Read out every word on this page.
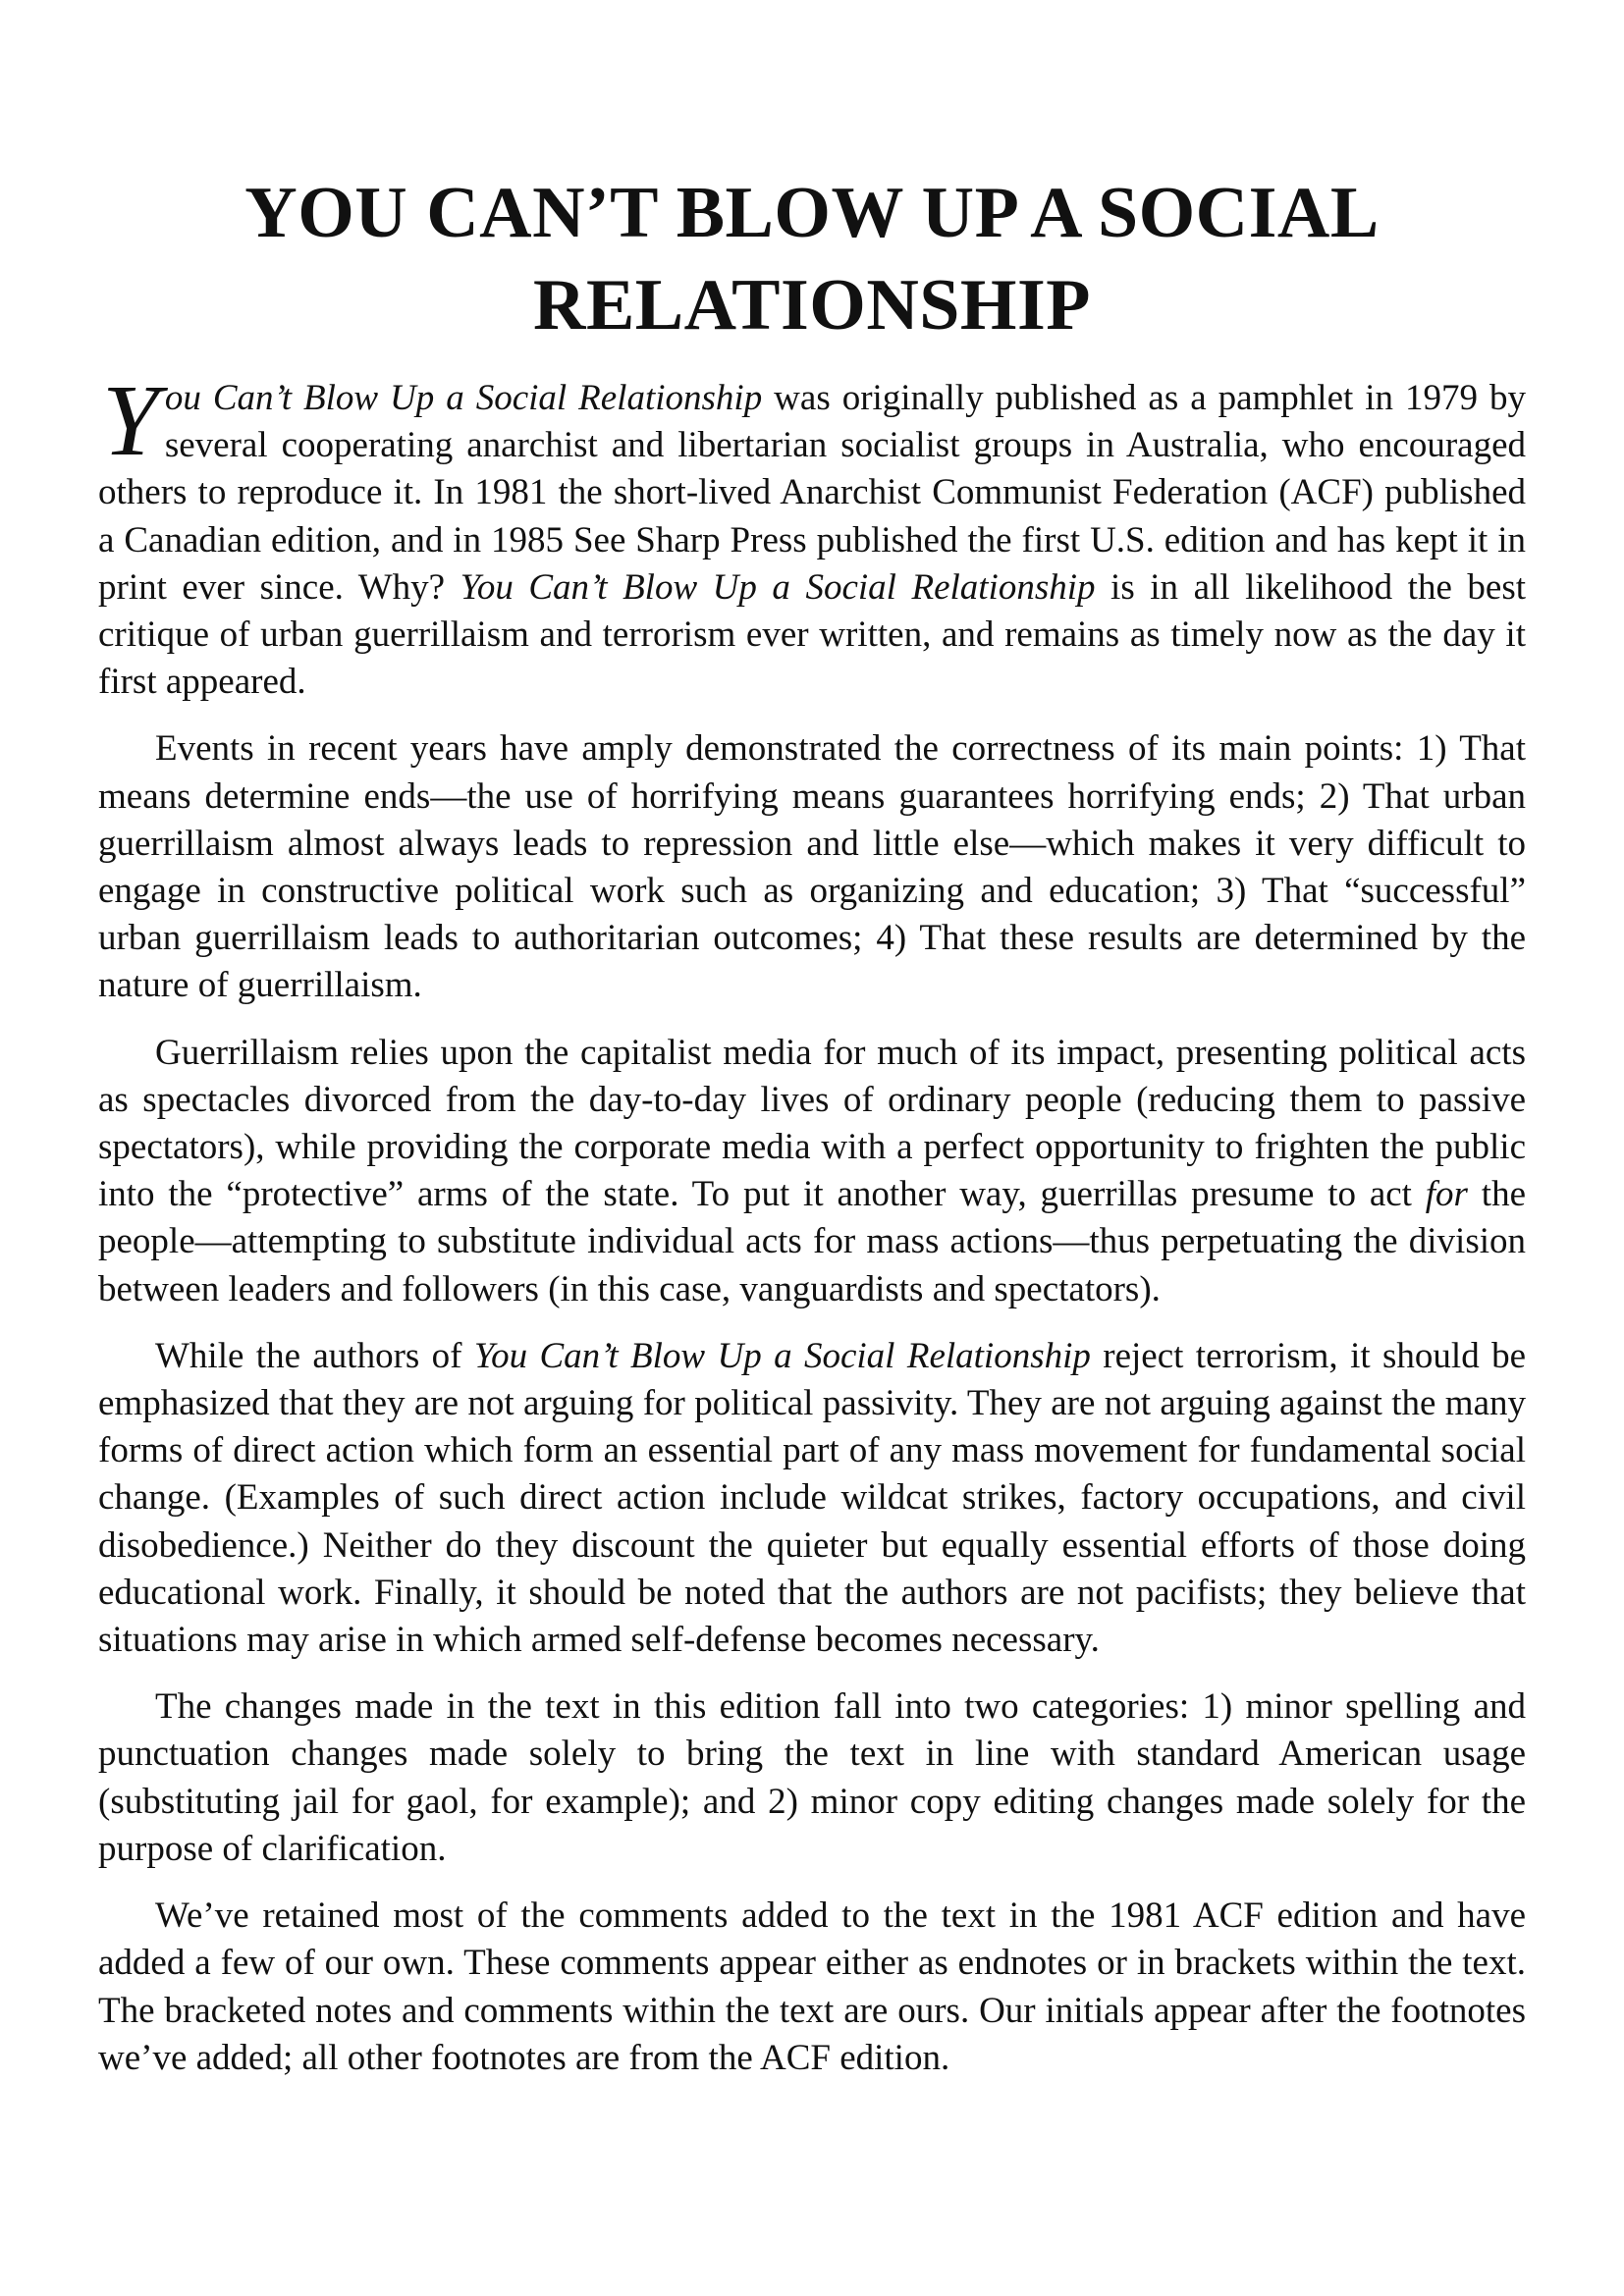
YOU CAN’T BLOW UP A SOCIAL
RELATIONSHIP

You Can’t Blow Up a Social Relationship was originally published as a pamphlet in 1979 by several cooperating anarchist and libertarian socialist groups in Australia, who encouraged others to reproduce it. In 1981 the short-lived Anarchist Communist Federation (ACF) published a Canadian edition, and in 1985 See Sharp Press published the first U.S. edition and has kept it in print ever since. Why? You Can’t Blow Up a Social Relationship is in all likelihood the best critique of urban guerrillaism and terrorism ever written, and remains as timely now as the day it first appeared.

Events in recent years have amply demonstrated the correctness of its main points: 1) That means determine ends—the use of horrifying means guarantees horrifying ends; 2) That urban guerrillaism almost always leads to repression and little else—which makes it very difficult to engage in constructive political work such as organizing and education; 3) That “successful” urban guerrillaism leads to authoritarian outcomes; 4) That these results are determined by the nature of guerrillaism.

Guerrillaism relies upon the capitalist media for much of its impact, presenting political acts as spectacles divorced from the day-to-day lives of ordinary people (reducing them to passive spectators), while providing the corporate media with a perfect opportunity to frighten the public into the “protective” arms of the state. To put it another way, guerrillas presume to act for the people—attempting to substitute individual acts for mass actions—thus perpetuating the division between leaders and followers (in this case, vanguardists and spectators).

While the authors of You Can’t Blow Up a Social Relationship reject terrorism, it should be emphasized that they are not arguing for political passivity. They are not arguing against the many forms of direct action which form an essential part of any mass movement for fundamental social change. (Examples of such direct action include wildcat strikes, factory occupations, and civil disobedience.) Neither do they discount the quieter but equally essential efforts of those doing educational work. Finally, it should be noted that the authors are not pacifists; they believe that situations may arise in which armed self-defense becomes necessary.

The changes made in the text in this edition fall into two categories: 1) minor spelling and punctuation changes made solely to bring the text in line with standard American usage (substituting jail for gaol, for example); and 2) minor copy editing changes made solely for the purpose of clarification.

We’ve retained most of the comments added to the text in the 1981 ACF edition and have added a few of our own. These comments appear either as endnotes or in brackets within the text. The bracketed notes and comments within the text are ours. Our initials appear after the footnotes we’ve added; all other footnotes are from the ACF edition.
